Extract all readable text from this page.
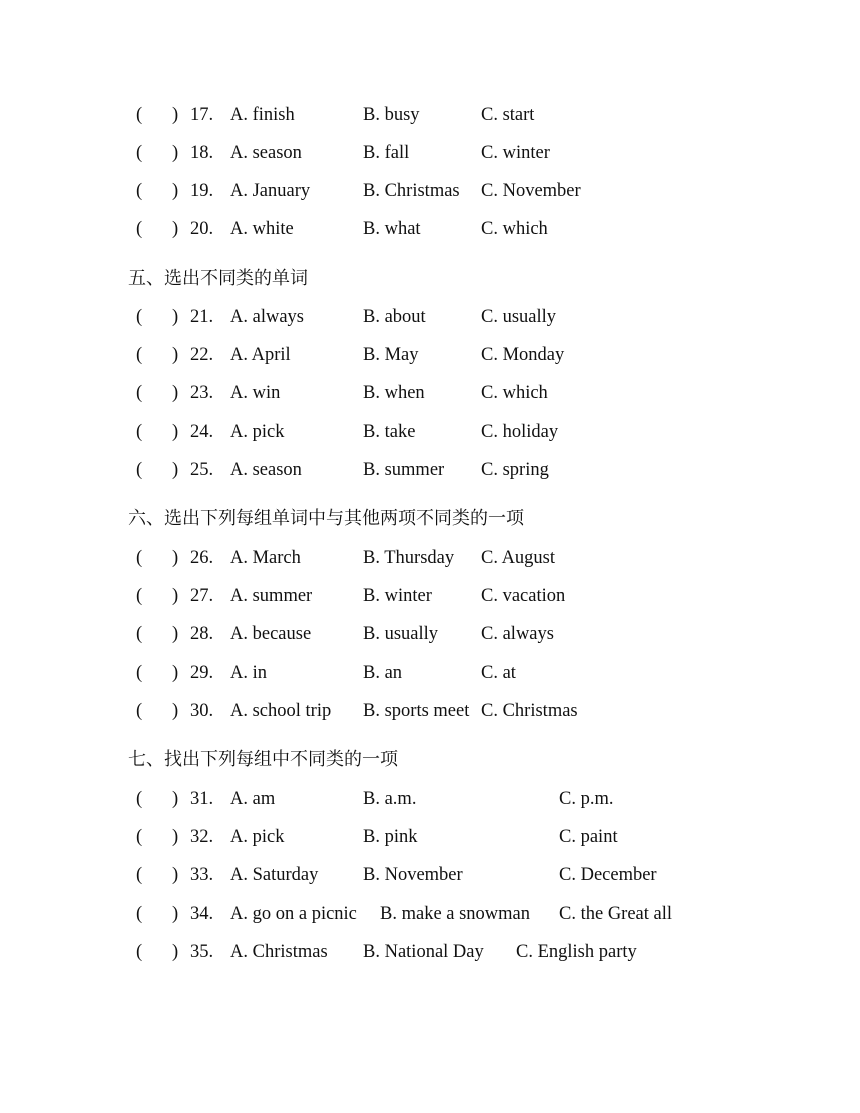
( ) 17. A. finish	B. busy	C. start
( ) 18. A. season	B. fall	C. winter
( ) 19. A. January	B. Christmas C. November
( ) 20. A. white	B. what	C. which
五、选出不同类的单词
( ) 21. A. always	B. about	C. usually
( ) 22. A. April	B. May	C. Monday
( ) 23. A. win	B. when	C. which
( ) 24. A. pick	B. take	C. holiday
( ) 25. A. season	B. summer C. spring
六、选出下列每组单词中与其他两项不同类的一项
( ) 26. A. March	B. Thursday C. August
( ) 27. A. summer	B. winter	C. vacation
( ) 28. A. because	B. usually C. always
( ) 29. A. in	B. an	C. at
( ) 30. A. school trip B. sports meet C. Christmas
七、找出下列每组中不同类的一项
( ) 31. A. am	B. a.m.	C. p.m.
( ) 32. A. pick	B. pink	C. paint
( ) 33. A. Saturday B. November	C. December
( ) 34. A. go on a picnic B. make a snowman C. the Great all
( ) 35. A. Christmas B. National Day C. English party
